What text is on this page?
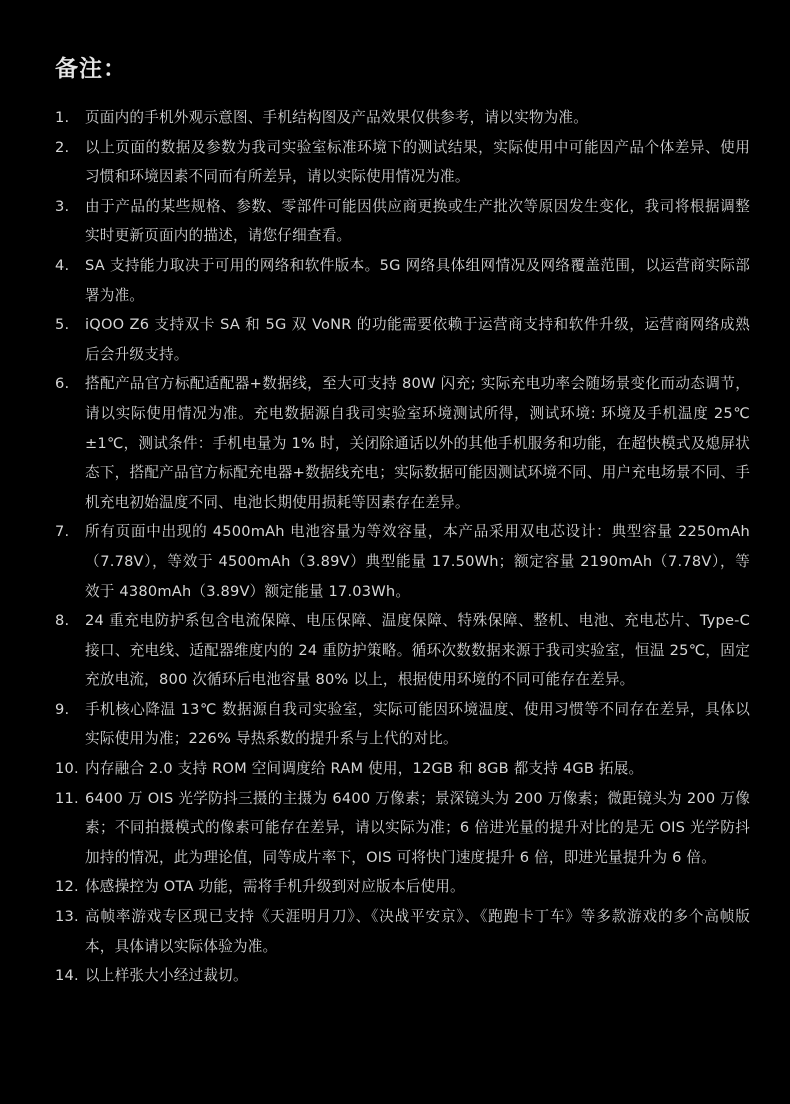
备注：
1.	页面内的手机外观示意图、手机结构图及产品效果仅供参考，请以实物为准。
2.	以上页面的数据及参数为我司实验室标准环境下的测试结果，实际使用中可能因产品个体差异、使用习惯和环境因素不同而有所差异，请以实际使用情况为准。
3.	由于产品的某些规格、参数、零部件可能因供应商更换或生产批次等原因发生变化，我司将根据调整实时更新页面内的描述，请您仔细查看。
4.	SA 支持能力取决于可用的网络和软件版本。5G 网络具体组网情况及网络覆盖范围，以运营商实际部署为准。
5.	iQOO Z6 支持双卡 SA 和 5G 双 VoNR 的功能需要依赖于运营商支持和软件升级，运营商网络成熟后会升级支持。
6.	搭配产品官方标配适配器+数据线，至大可支持 80W 闪充; 实际充电功率会随场景变化而动态调节，请以实际使用情况为准。充电数据源自我司实验室环境测试所得，测试环境: 环境及手机温度 25℃ ±1℃，测试条件：手机电量为 1% 时，关闭除通话以外的其他手机服务和功能，在超快模式及熄屏状态下，搭配产品官方标配充电器+数据线充电；实际数据可能因测试环境不同、用户充电场景不同、手机充电初始温度不同、电池长期使用损耗等因素存在差异。
7.	所有页面中出现的 4500mAh 电池容量为等效容量，本产品采用双电芯设计：典型容量 2250mAh（7.78V），等效于 4500mAh（3.89V）典型能量 17.50Wh；额定容量 2190mAh（7.78V），等效于 4380mAh（3.89V）额定能量 17.03Wh。
8.	24 重充电防护系包含电流保障、电压保障、温度保障、特殊保障、整机、电池、充电芯片、Type-C 接口、充电线、适配器维度内的 24 重防护策略。循环次数数据来源于我司实验室，恒温 25℃，固定充放电流，800 次循环后电池容量 80% 以上，根据使用环境的不同可能存在差异。
9.	手机核心降温 13℃ 数据源自我司实验室，实际可能因环境温度、使用习惯等不同存在差异，具体以实际使用为准；226% 导热系数的提升系与上代的对比。
10. 内存融合 2.0 支持 ROM 空间调度给 RAM 使用，12GB 和 8GB 都支持 4GB 拓展。
11. 6400 万 OIS 光学防抖三摄的主摄为 6400 万像素；景深镜头为 200 万像素；微距镜头为 200 万像素；不同拍摄模式的像素可能存在差异，请以实际为准；6 倍进光量的提升对比的是无 OIS 光学防抖加持的情况，此为理论值，同等成片率下，OIS 可将快门速度提升 6 倍，即进光量提升为 6 倍。
12. 体感操控为 OTA 功能，需将手机升级到对应版本后使用。
13. 高帧率游戏专区现已支持《天涯明月刀》、《决战平安京》、《跑跑卡丁车》等多款游戏的多个高帧版本，具体请以实际体验为准。
14. 以上样张大小经过裁切。
